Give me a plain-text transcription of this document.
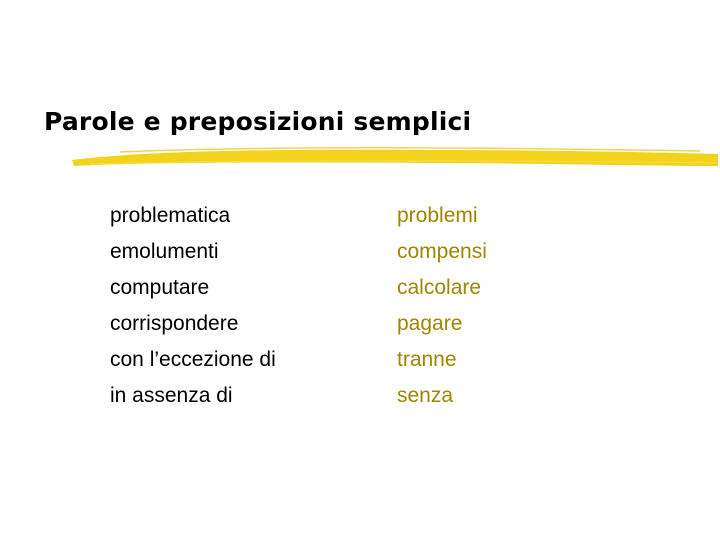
Parole e preposizioni semplici
problematica
emolumenti
computare
corrispondere
con l’eccezione di
in assenza di
problemi
compensi
calcolare
pagare
tranne
senza
